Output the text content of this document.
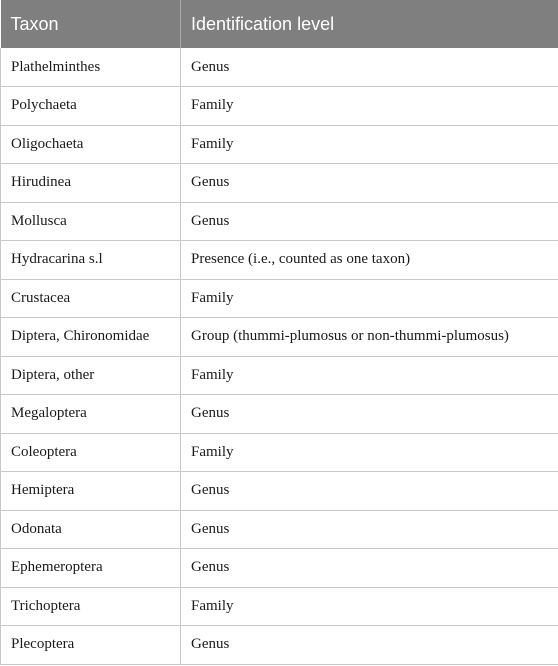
Taxon	Identification level
Plathelminthes	Genus
Polychaeta	Family
Oligochaeta	Family
Hirudinea	Genus
Mollusca	Genus
Hydracarina s.l	Presence (i.e., counted as one taxon)
Crustacea	Family
Diptera, Chironomidae	Group (thummi-plumosus or non-thummi-plumosus)
Diptera, other	Family
Megaloptera	Genus
Coleoptera	Family
Hemiptera	Genus
Odonata	Genus
Ephemeroptera	Genus
Trichoptera	Family
Plecoptera	Genus
